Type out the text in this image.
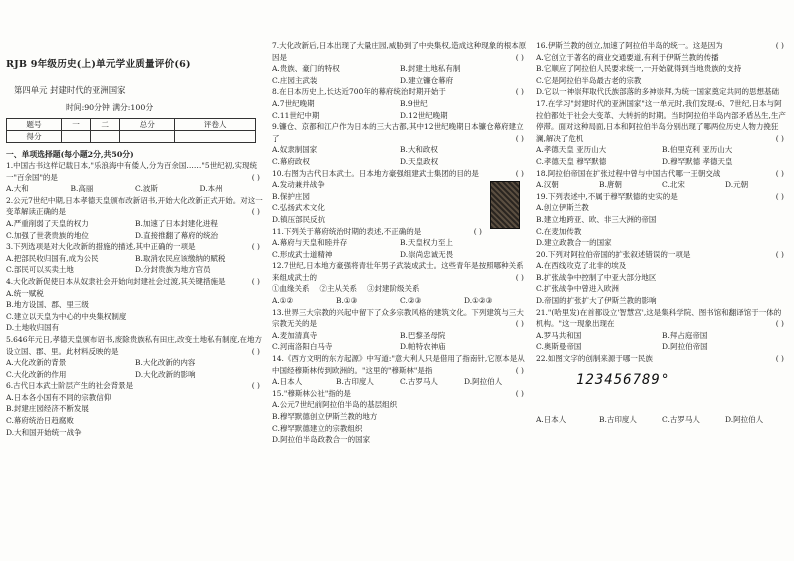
RJB 9年级历史(上)单元学业质量评价(6)
第四单元 封建时代的亚洲国家
时间:90分钟 满分:100分
题号	一	二	总分	评卷人
得分				
一、单项选择题(每小题2分,共50分)

1.中国古书这样记载日本,"乐浪海中有倭人,分为百余国……"5世纪初,实现统一"百余国"的是	( )

A.大和	B.高丽	C.波斯	D.本州

2.公元7世纪中期,日本孝德天皇颁布改新诏书,开始大化改新正式开始。对这一变革解读正确的是	( )

A.严重削弱了天皇的权力	B.加速了日本封建化进程
C.加强了世袭贵族的地位	D.直接推翻了幕府的统治

3.下列选项是对大化改新的措施的描述,其中正确的一项是	( )

A.把部民收归国有,成为公民	B.取消农民应该缴纳的赋税
C.部民可以买卖土地	D.分封贵族为地方官员

4.大化改新促使日本从奴隶社会开始向封建社会过渡,其关键措施是	( )

A.统一赋税
B.地方设国、郡、里三级
C.建立以天皇为中心的中央集权制度
D.土地收归国有

5.646年元日,孝德天皇颁布诏书,废除贵族私有田庄,改变土地私有制度,在地方设立国、郡、里。此材料反映的是	( )

A.大化改新的背景	B.大化改新的内容
C.大化改新的作用	D.大化改新的影响

6.古代日本武士阶层产生的社会背景是	( )

A.日本各小国有不同的宗教信仰
B.封建庄园经济不断发展
C.幕府统治日趋腐败
D.大和国开始统一战争

7.大化改新后,日本出现了大量庄园,威胁到了中央集权,造成这种现象的根本原因是	( )

A.贵族、豪门的特权	B.封建土地私有制
C.庄园主武装	D.建立镰仓幕府

8.在日本历史上,长达近700年的幕府统治时期开始于	( )

A.7世纪晚期	B.9世纪
C.11世纪中期	D.12世纪晚期

9.镰仓、京都和江户作为日本的三大古都,其中12世纪晚期日本镰仓幕府建立了	( )

A.奴隶制国家	B.大和政权
C.幕府政权	D.天皇政权

10.右图为古代日本武士。日本地方豪强组建武士集团的目的是	( )

A.发动兼并战争
B.保护庄园
C.弘扬武术文化
D.镇压部民反抗

11.下列关于幕府统治时期的表述,不正确的是	( )

A.幕府与天皇和睦并存	B.天皇权力至上
C.形成武士道精神	D.崇尚忠诚无畏

12.7世纪,日本地方豪强将青壮年男子武装成武士。这些青年是按照哪种关系来组成武士的	( )

①血缘关系 ②主从关系 ③封建阶级关系
A.①②	B.①③	C.②③	D.①②③

13.世界三大宗教的兴起中留下了众多宗教风格的建筑文化。下列建筑与三大宗教无关的是	( )

A.麦加清真寺	B.巴黎圣母院
C.河南洛阳白马寺	D.帕特农神庙

14.《西方文明的东方起源》中写道:"意大利人只是借用了指南针,它原本是从中国经穆斯林传到欧洲的。"这里的"穆斯林"是指	( )

A.日本人	B.古印度人	C.古罗马人	D.阿拉伯人

15."穆斯林公社"指的是	( )

A.公元7世纪前阿拉伯半岛的基层组织
B.穆罕默德创立伊斯兰教的地方
C.穆罕默德建立的宗教组织
D.阿拉伯半岛政教合一的国家

16.伊斯兰教的创立,加速了阿拉伯半岛的统一。这是因为	( )

A.它创立于著名的商业交通要道,有利于伊斯兰教的传播
B.它顺应了阿拉伯人民要求统一,一开始就得到当地贵族的支持
C.它是阿拉伯半岛最古老的宗教
D.它以一神崇拜取代氏族部落的多神崇拜,为统一国家奠定共同的思想基础

17.在学习"封建时代的亚洲国家"这一单元时,我们发现:6、7世纪,日本与阿拉伯都处于社会大变革、大转折的时期。当时阿拉伯半岛内部矛盾丛生,生产停滞。面对这种局面,日本和阿拉伯半岛分别出现了哪两位历史人物力挽狂澜,解决了危机	( )

A.孝德天皇 亚历山大	B.伯里克利 亚历山大
C.孝德天皇 穆罕默德	D.穆罕默德 孝德天皇

18.阿拉伯帝国在扩张过程中曾与中国古代哪一王朝交战	( )

A.汉朝	B.唐朝	C.北宋	D.元朝

19.下列表述中,不属于穆罕默德的史实的是	( )

A.创立伊斯兰教
B.建立地跨亚、欧、非三大洲的帝国
C.在麦加传教
D.建立政教合一的国家

20.下列对阿拉伯帝国的扩张叙述错误的一项是	( )

A.在西线攻克了北非的埃及
B.扩张战争中控制了中亚大部分地区
C.扩张战争中曾进入欧洲
D.帝国的扩张扩大了伊斯兰教的影响

21."(哈里发)在首都设立'智慧宫',这是集科学院、图书馆和翻译馆于一体的机构。"这一现象出现在	( )

A.罗马共和国	B.拜占庭帝国
C.奥斯曼帝国	D.阿拉伯帝国

22.如图文字的创制来源于哪一民族	( )

123456789°
A.日本人	B.古印度人	C.古罗马人	D.阿拉伯人
